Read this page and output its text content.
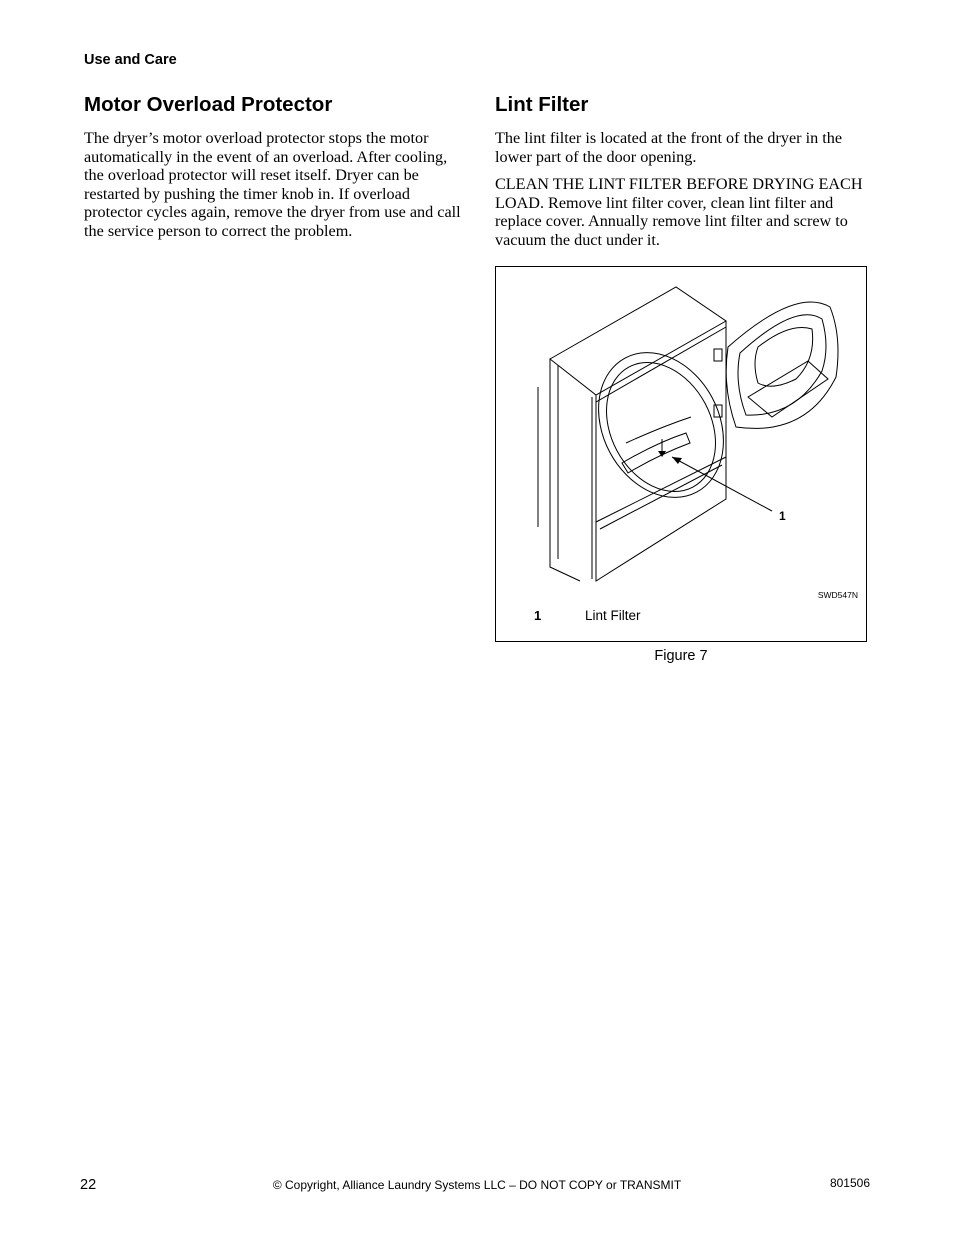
Use and Care
Motor Overload Protector

The dryer’s motor overload protector stops the motor automatically in the event of an overload. After cooling, the overload protector will reset itself. Dryer can be restarted by pushing the timer knob in. If overload protector cycles again, remove the dryer from use and call the service person to correct the problem.

Lint Filter

The lint filter is located at the front of the dryer in the lower part of the door opening.

CLEAN THE LINT FILTER BEFORE DRYING EACH LOAD. Remove lint filter cover, clean lint filter and replace cover. Annually remove lint filter and screw to vacuum the duct under it.

1
SWD547N
1	Lint Filter
Figure 7
22	© Copyright, Alliance Laundry Systems LLC – DO NOT COPY or TRANSMIT	801506
